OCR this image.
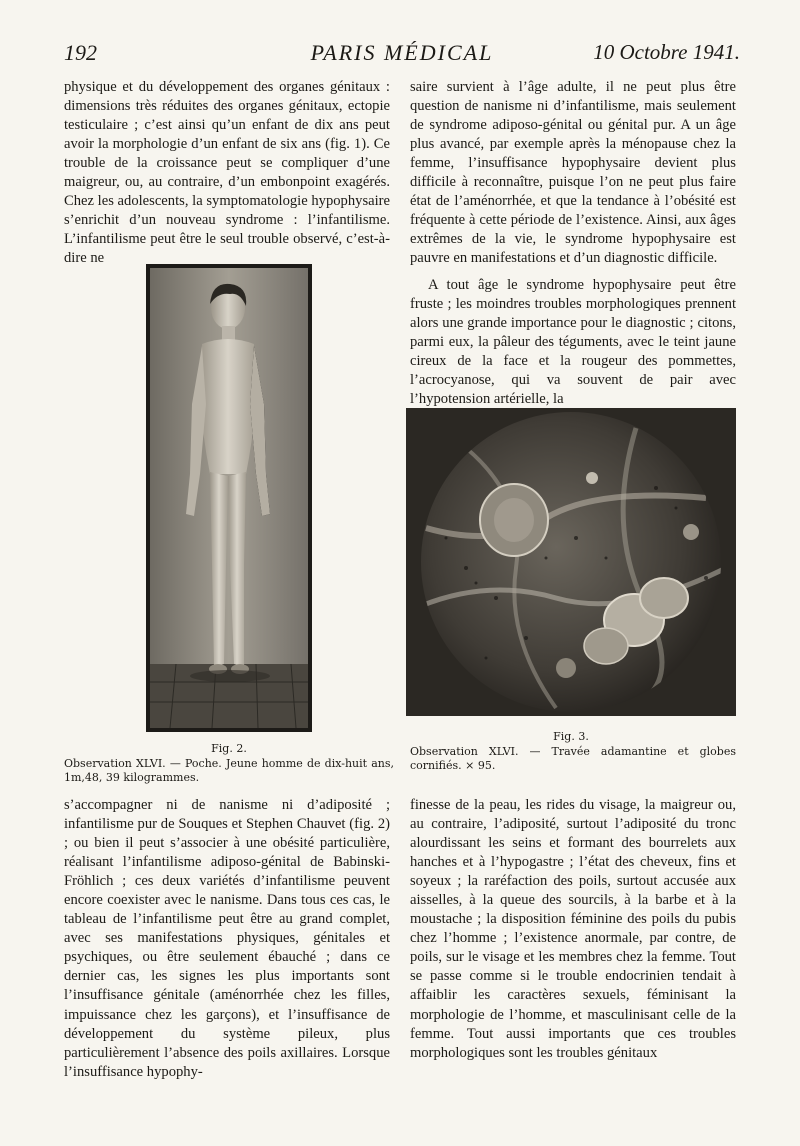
192	PARIS MÉDICAL	10 Octobre 1941.

physique et du développement des organes génitaux : dimensions très réduites des organes génitaux, ectopie testiculaire ; c’est ainsi qu’un enfant de dix ans peut avoir la morphologie d’un enfant de six ans (fig. 1). Ce trouble de la croissance peut se compliquer d’une maigreur, ou, au contraire, d’un embonpoint exagérés. Chez les adolescents, la symptomatologie hypophysaire s’enrichit d’un nouveau syndrome : l’infantilisme. L’infantilisme peut être le seul trouble observé, c’est-à-dire ne

Fig. 2.

Observation XLVI. — Poche. Jeune homme de dix-huit ans, 1m,48, 39 kilogrammes.

s’accompagner ni de nanisme ni d’adiposité ; infantilisme pur de Souques et Stephen Chauvet (fig. 2) ; ou bien il peut s’associer à une obésité particulière, réalisant l’infantilisme adiposo-génital de Babinski-Fröhlich ; ces deux variétés d’infantilisme peuvent encore coexister avec le nanisme. Dans tous ces cas, le tableau de l’infantilisme peut être au grand complet, avec ses manifestations physiques, génitales et psychiques, ou être seulement ébauché ; dans ce dernier cas, les signes les plus importants sont l’insuffisance génitale (aménorrhée chez les filles, impuissance chez les garçons), et l’insuffisance de développement du système pileux, plus particulièrement l’absence des poils axillaires. Lorsque l’insuffisance hypophy-

saire survient à l’âge adulte, il ne peut plus être question de nanisme ni d’infantilisme, mais seulement de syndrome adiposo-génital ou génital pur. A un âge plus avancé, par exemple après la ménopause chez la femme, l’insuffisance hypophysaire devient plus difficile à reconnaître, puisque l’on ne peut plus faire état de l’aménorrhée, et que la tendance à l’obésité est fréquente à cette période de l’existence. Ainsi, aux âges extrêmes de la vie, le syndrome hypophysaire est pauvre en manifestations et d’un diagnostic difficile.

A tout âge le syndrome hypophysaire peut être fruste ; les moindres troubles morphologiques prennent alors une grande importance pour le diagnostic ; citons, parmi eux, la pâleur des téguments, avec le teint jaune cireux de la face et la rougeur des pommettes, l’acrocyanose, qui va souvent de pair avec l’hypotension artérielle, la

Fig. 3.

Observation XLVI. — Travée adamantine et globes cornifiés. × 95.

finesse de la peau, les rides du visage, la maigreur ou, au contraire, l’adiposité, surtout l’adiposité du tronc alourdissant les seins et formant des bourrelets aux hanches et à l’hypogastre ; l’état des cheveux, fins et soyeux ; la raréfaction des poils, surtout accusée aux aisselles, à la queue des sourcils, à la barbe et à la moustache ; la disposition féminine des poils du pubis chez l’homme ; l’existence anormale, par contre, de poils, sur le visage et les membres chez la femme. Tout se passe comme si le trouble endocrinien tendait à affaiblir les caractères sexuels, féminisant la morphologie de l’homme, et masculinisant celle de la femme. Tout aussi importants que ces troubles morphologiques sont les troubles génitaux
